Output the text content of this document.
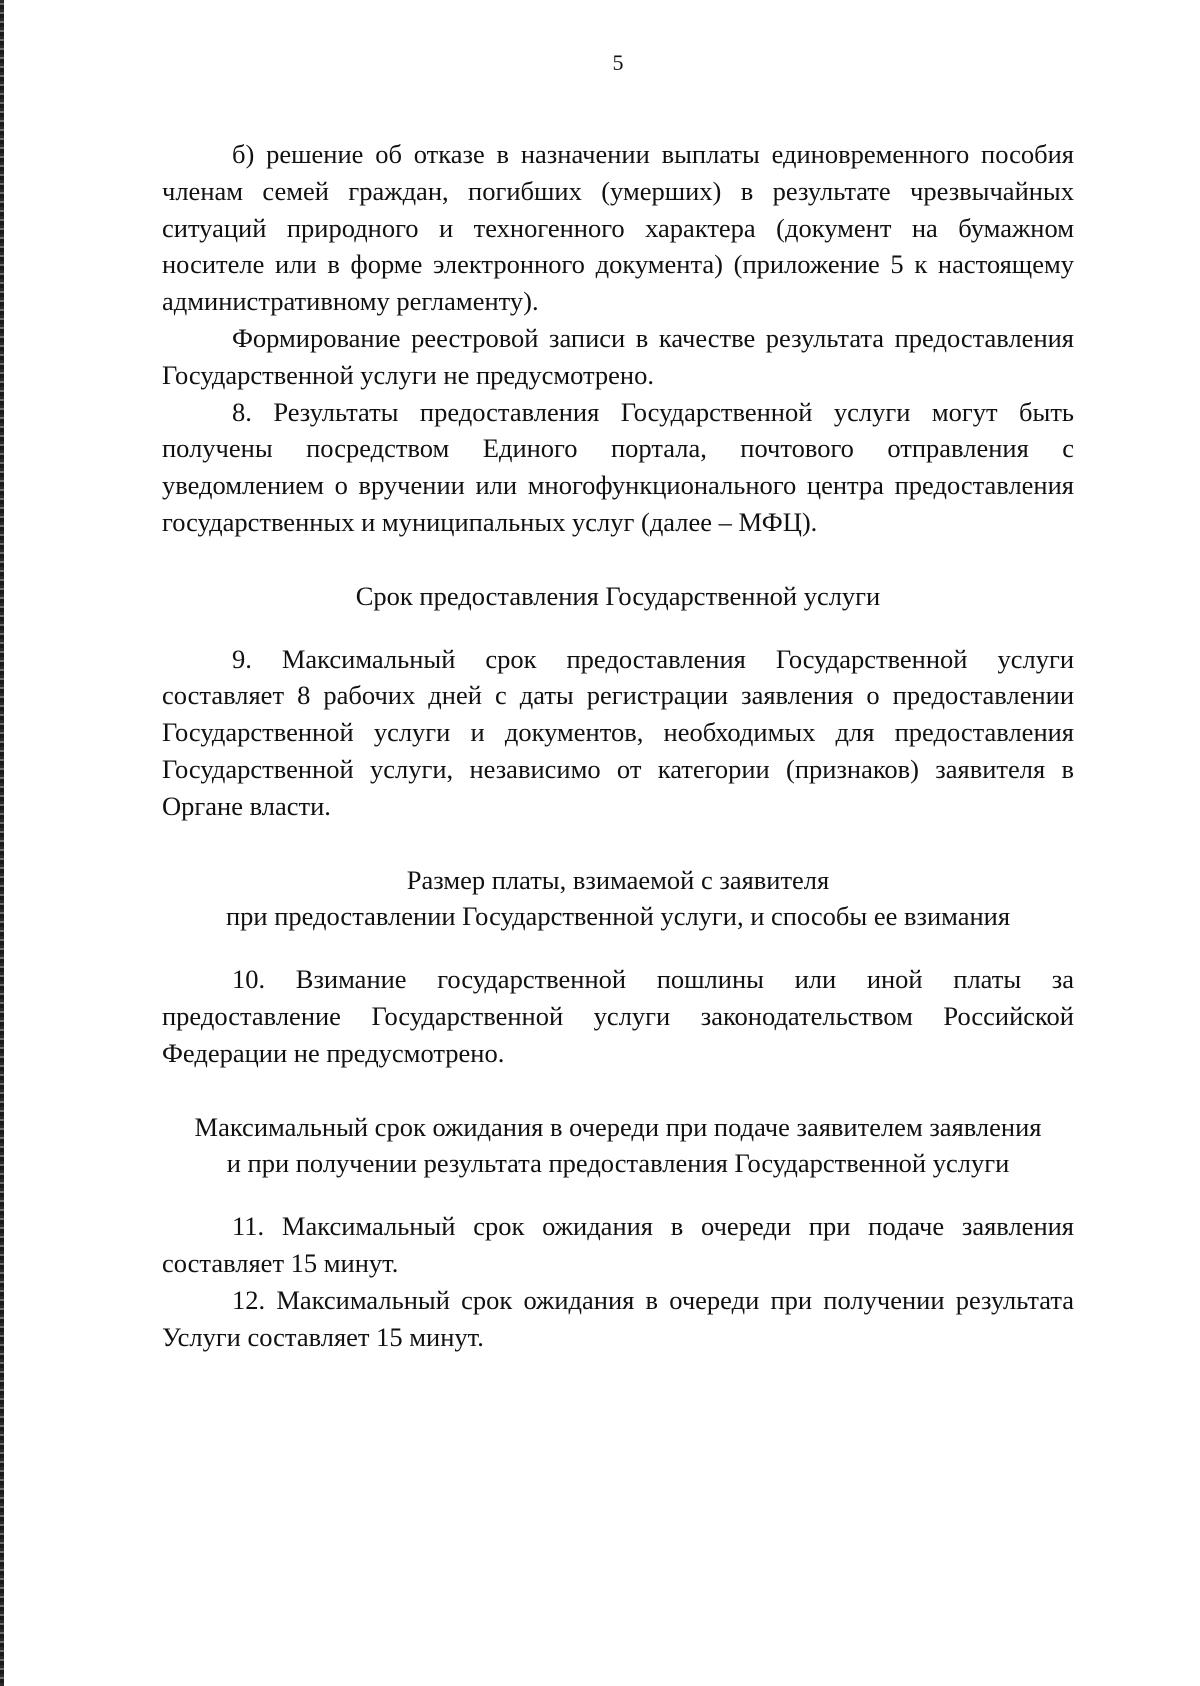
5

б) решение об отказе в назначении выплаты единовременного пособия членам семей граждан, погибших (умерших) в результате чрезвычайных ситуаций природного и техногенного характера (документ на бумажном носителе или в форме электронного документа) (приложение 5 к настоящему административному регламенту).

Формирование реестровой записи в качестве результата предоставления Государственной услуги не предусмотрено.

8. Результаты предоставления Государственной услуги могут быть получены посредством Единого портала, почтового отправления с уведомлением о вручении или многофункционального центра предоставления государственных и муниципальных услуг (далее – МФЦ).

Срок предоставления Государственной услуги

9. Максимальный срок предоставления Государственной услуги составляет 8 рабочих дней с даты регистрации заявления о предоставлении Государственной услуги и документов, необходимых для предоставления Государственной услуги, независимо от категории (признаков) заявителя в Органе власти.

Размер платы, взимаемой с заявителя

при предоставлении Государственной услуги, и способы ее взимания

10. Взимание государственной пошлины или иной платы за предоставление Государственной услуги законодательством Российской Федерации не предусмотрено.

Максимальный срок ожидания в очереди при подаче заявителем заявления

и при получении результата предоставления Государственной услуги

11. Максимальный срок ожидания в очереди при подаче заявления составляет 15 минут.

12. Максимальный срок ожидания в очереди при получении результата Услуги составляет 15 минут.
